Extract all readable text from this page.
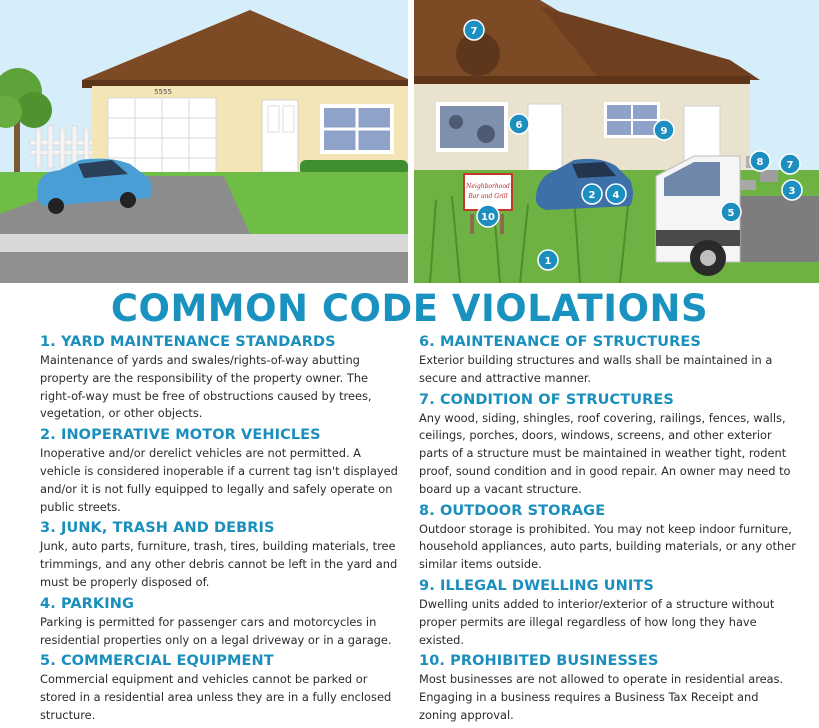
5555
Neighborhood
Bar and Grill
1
2	3
4
5
6
7
7
8
9
10
COMMON CODE VIOLATIONS
1. YARD MAINTENANCE STANDARDS
Maintenance of yards and swales/rights-of-way abutting property are the responsibility of the property owner. The right-of-way must be free of obstructions caused by trees, vegetation, or other objects.
2. INOPERATIVE MOTOR VEHICLES
Inoperative and/or derelict vehicles are not permitted. A vehicle is considered inoperable if a current tag isn't displayed and/or it is not fully equipped to legally and safely operate on public streets.
3. JUNK, TRASH AND DEBRIS
Junk, auto parts, furniture, trash, tires, building materials, tree trimmings, and any other debris cannot be left in the yard and must be properly disposed of.
4. PARKING
Parking is permitted for passenger cars and motorcycles in residential properties only on a legal driveway or in a garage.
5. COMMERCIAL EQUIPMENT
Commercial equipment and vehicles cannot be parked or stored in a residential area unless they are in a fully enclosed structure.
6. MAINTENANCE OF STRUCTURES
Exterior building structures and walls shall be maintained in a secure and attractive manner.
7. CONDITION OF STRUCTURES
Any wood, siding, shingles, roof covering, railings, fences, walls, ceilings, porches, doors, windows, screens, and other exterior parts of a structure must be maintained in weather tight, rodent proof, sound condition and in good repair. An owner may need to board up a vacant structure.
8. OUTDOOR STORAGE
Outdoor storage is prohibited. You may not keep indoor furniture, household appliances, auto parts, building materials, or any other similar items outside.
9. ILLEGAL DWELLING UNITS
Dwelling units added to interior/exterior of a structure without proper permits are illegal regardless of how long they have existed.
10. PROHIBITED BUSINESSES
Most businesses are not allowed to operate in residential areas. Engaging in a business requires a Business Tax Receipt and zoning approval.
